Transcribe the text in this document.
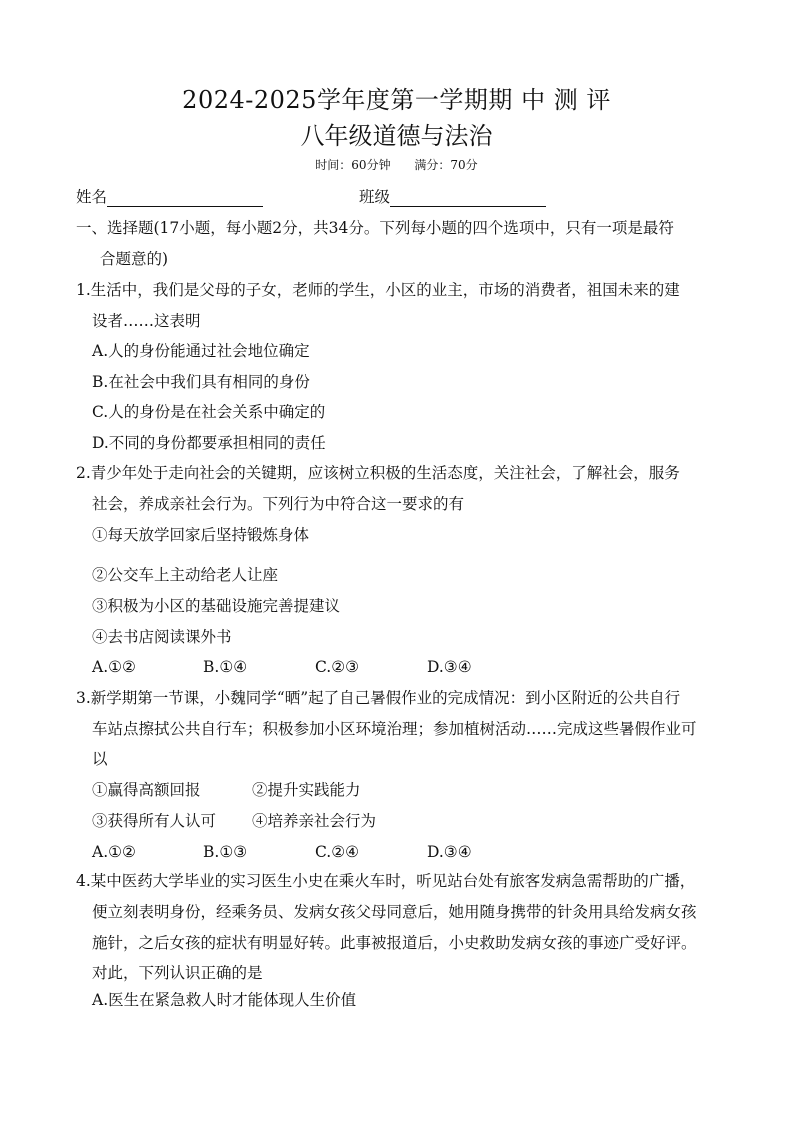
2024-2025学年度第一学期期 中 测 评
八年级道德与法治
时间：60分钟 满分：70分
姓名	班级
一、选择题(17小题，每小题2分，共34分。下列每小题的四个选项中，只有一项是最符
合题意的)
1.生活中，我们是父母的子女，老师的学生，小区的业主，市场的消费者，祖国未来的建
设者……这表明
A.人的身份能通过社会地位确定
B.在社会中我们具有相同的身份
C.人的身份是在社会关系中确定的
D.不同的身份都要承担相同的责任
2.青少年处于走向社会的关键期，应该树立积极的生活态度，关注社会，了解社会，服务
社会，养成亲社会行为。下列行为中符合这一要求的有
①每天放学回家后坚持锻炼身体
②公交车上主动给老人让座
③积极为小区的基础设施完善提建议
④去书店阅读课外书
A.①②	B.①④	C.②③	D.③④
3.新学期第一节课，小魏同学“晒”起了自己暑假作业的完成情况：到小区附近的公共自行
车站点擦拭公共自行车；积极参加小区环境治理；参加植树活动……完成这些暑假作业可
以
①赢得高额回报	②提升实践能力
③获得所有人认可 ④培养亲社会行为
A.①②	B.①③	C.②④	D.③④
4.某中医药大学毕业的实习医生小史在乘火车时，听见站台处有旅客发病急需帮助的广播，
便立刻表明身份，经乘务员、发病女孩父母同意后，她用随身携带的针灸用具给发病女孩
施针，之后女孩的症状有明显好转。此事被报道后，小史救助发病女孩的事迹广受好评。
对此，下列认识正确的是
A.医生在紧急救人时才能体现人生价值
